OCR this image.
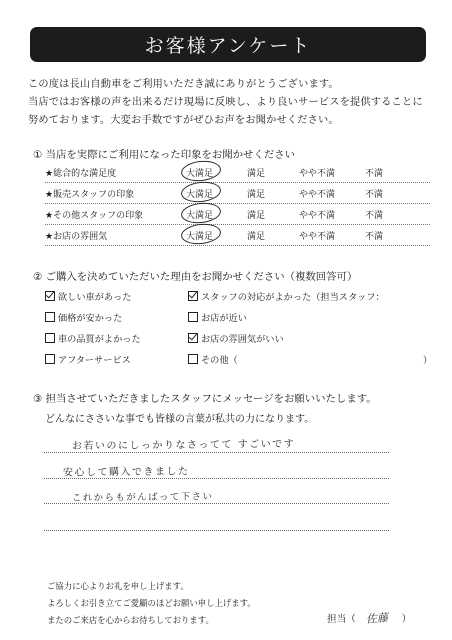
お客様アンケート
この度は長山自動車をご利用いただき誠にありがとうございます。
当店ではお客様の声を出来るだけ現場に反映し、より良いサービスを提供することに
努めております。大変お手数ですがぜひお声をお聞かせください。
① 当店を実際にご利用になった印象をお聞かせください
★総合的な満足度	大満足	満足	やや不満	不満
★販売スタッフの印象	大満足	満足	やや不満	不満
★その他スタッフの印象	大満足	満足	やや不満	不満
★お店の雰囲気	大満足	満足	やや不満	不満
② ご購入を決めていただいた理由をお聞かせください（複数回答可）
欲しい車があった	スタッフの対応がよかった（担当スタッフ：
価格が安かった	お店が近い
車の品質がよかった	お店の雰囲気がいい
アフターサービス	その他（	）
③ 担当させていただきましたスタッフにメッセージをお願いいたします。
どんなにささいな事でも皆様の言葉が私共の力になります。
お若いのにしっかりなさってて すごいです
安心して購入できました
これからもがんばって下さい
ご協力に心よりお礼を申し上げます。
よろしくお引き立てご愛顧のほどお願い申し上げます。
またのご来店を心からお待ちしております。	担当（ 佐藤 ）
